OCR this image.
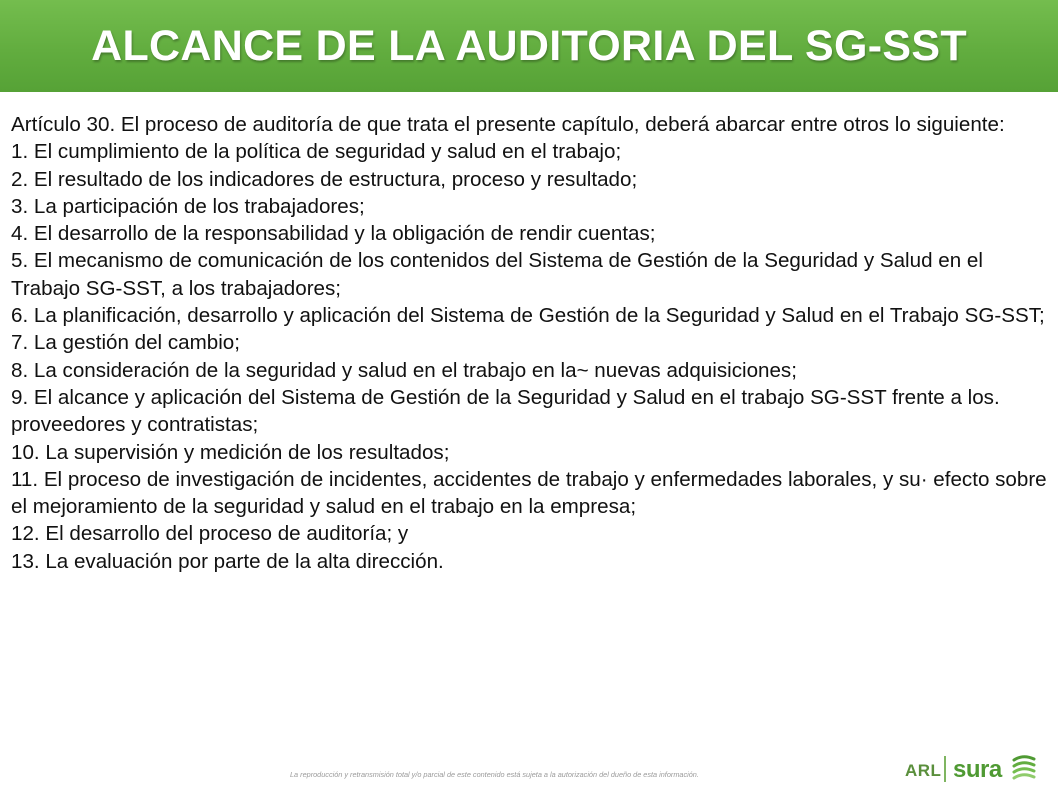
ALCANCE DE LA AUDITORIA DEL SG-SST

Artículo 30. El proceso de auditoría de que trata el presente capítulo, deberá abarcar entre otros lo siguiente:

1. El cumplimiento de la política de seguridad y salud en el trabajo;

2. El resultado de los indicadores de estructura, proceso y resultado;

3. La participación de los trabajadores;

4. El desarrollo de la responsabilidad y la obligación de rendir cuentas;

5. El mecanismo de comunicación de los contenidos del Sistema de Gestión de la Seguridad y Salud en el Trabajo SG-SST, a los trabajadores;

6. La planificación, desarrollo y aplicación del Sistema de Gestión de la Seguridad y Salud en el Trabajo SG-SST;

7. La gestión del cambio;

8. La consideración de la seguridad y salud en el trabajo en la~ nuevas adquisiciones;

9. El alcance y aplicación del Sistema de Gestión de la Seguridad y Salud en el trabajo SG-SST frente a los. proveedores y contratistas;

10. La supervisión y medición de los resultados;

11. El proceso de investigación de incidentes, accidentes de trabajo y enfermedades laborales, y su· efecto sobre el mejoramiento de la seguridad y salud en el trabajo en la empresa;

12. El desarrollo del proceso de auditoría; y

13. La evaluación por parte de la alta dirección.

La reproducción y retransmisión total y/o parcial de este contenido está sujeta a la autorización del dueño de esta información.	ARL sura
